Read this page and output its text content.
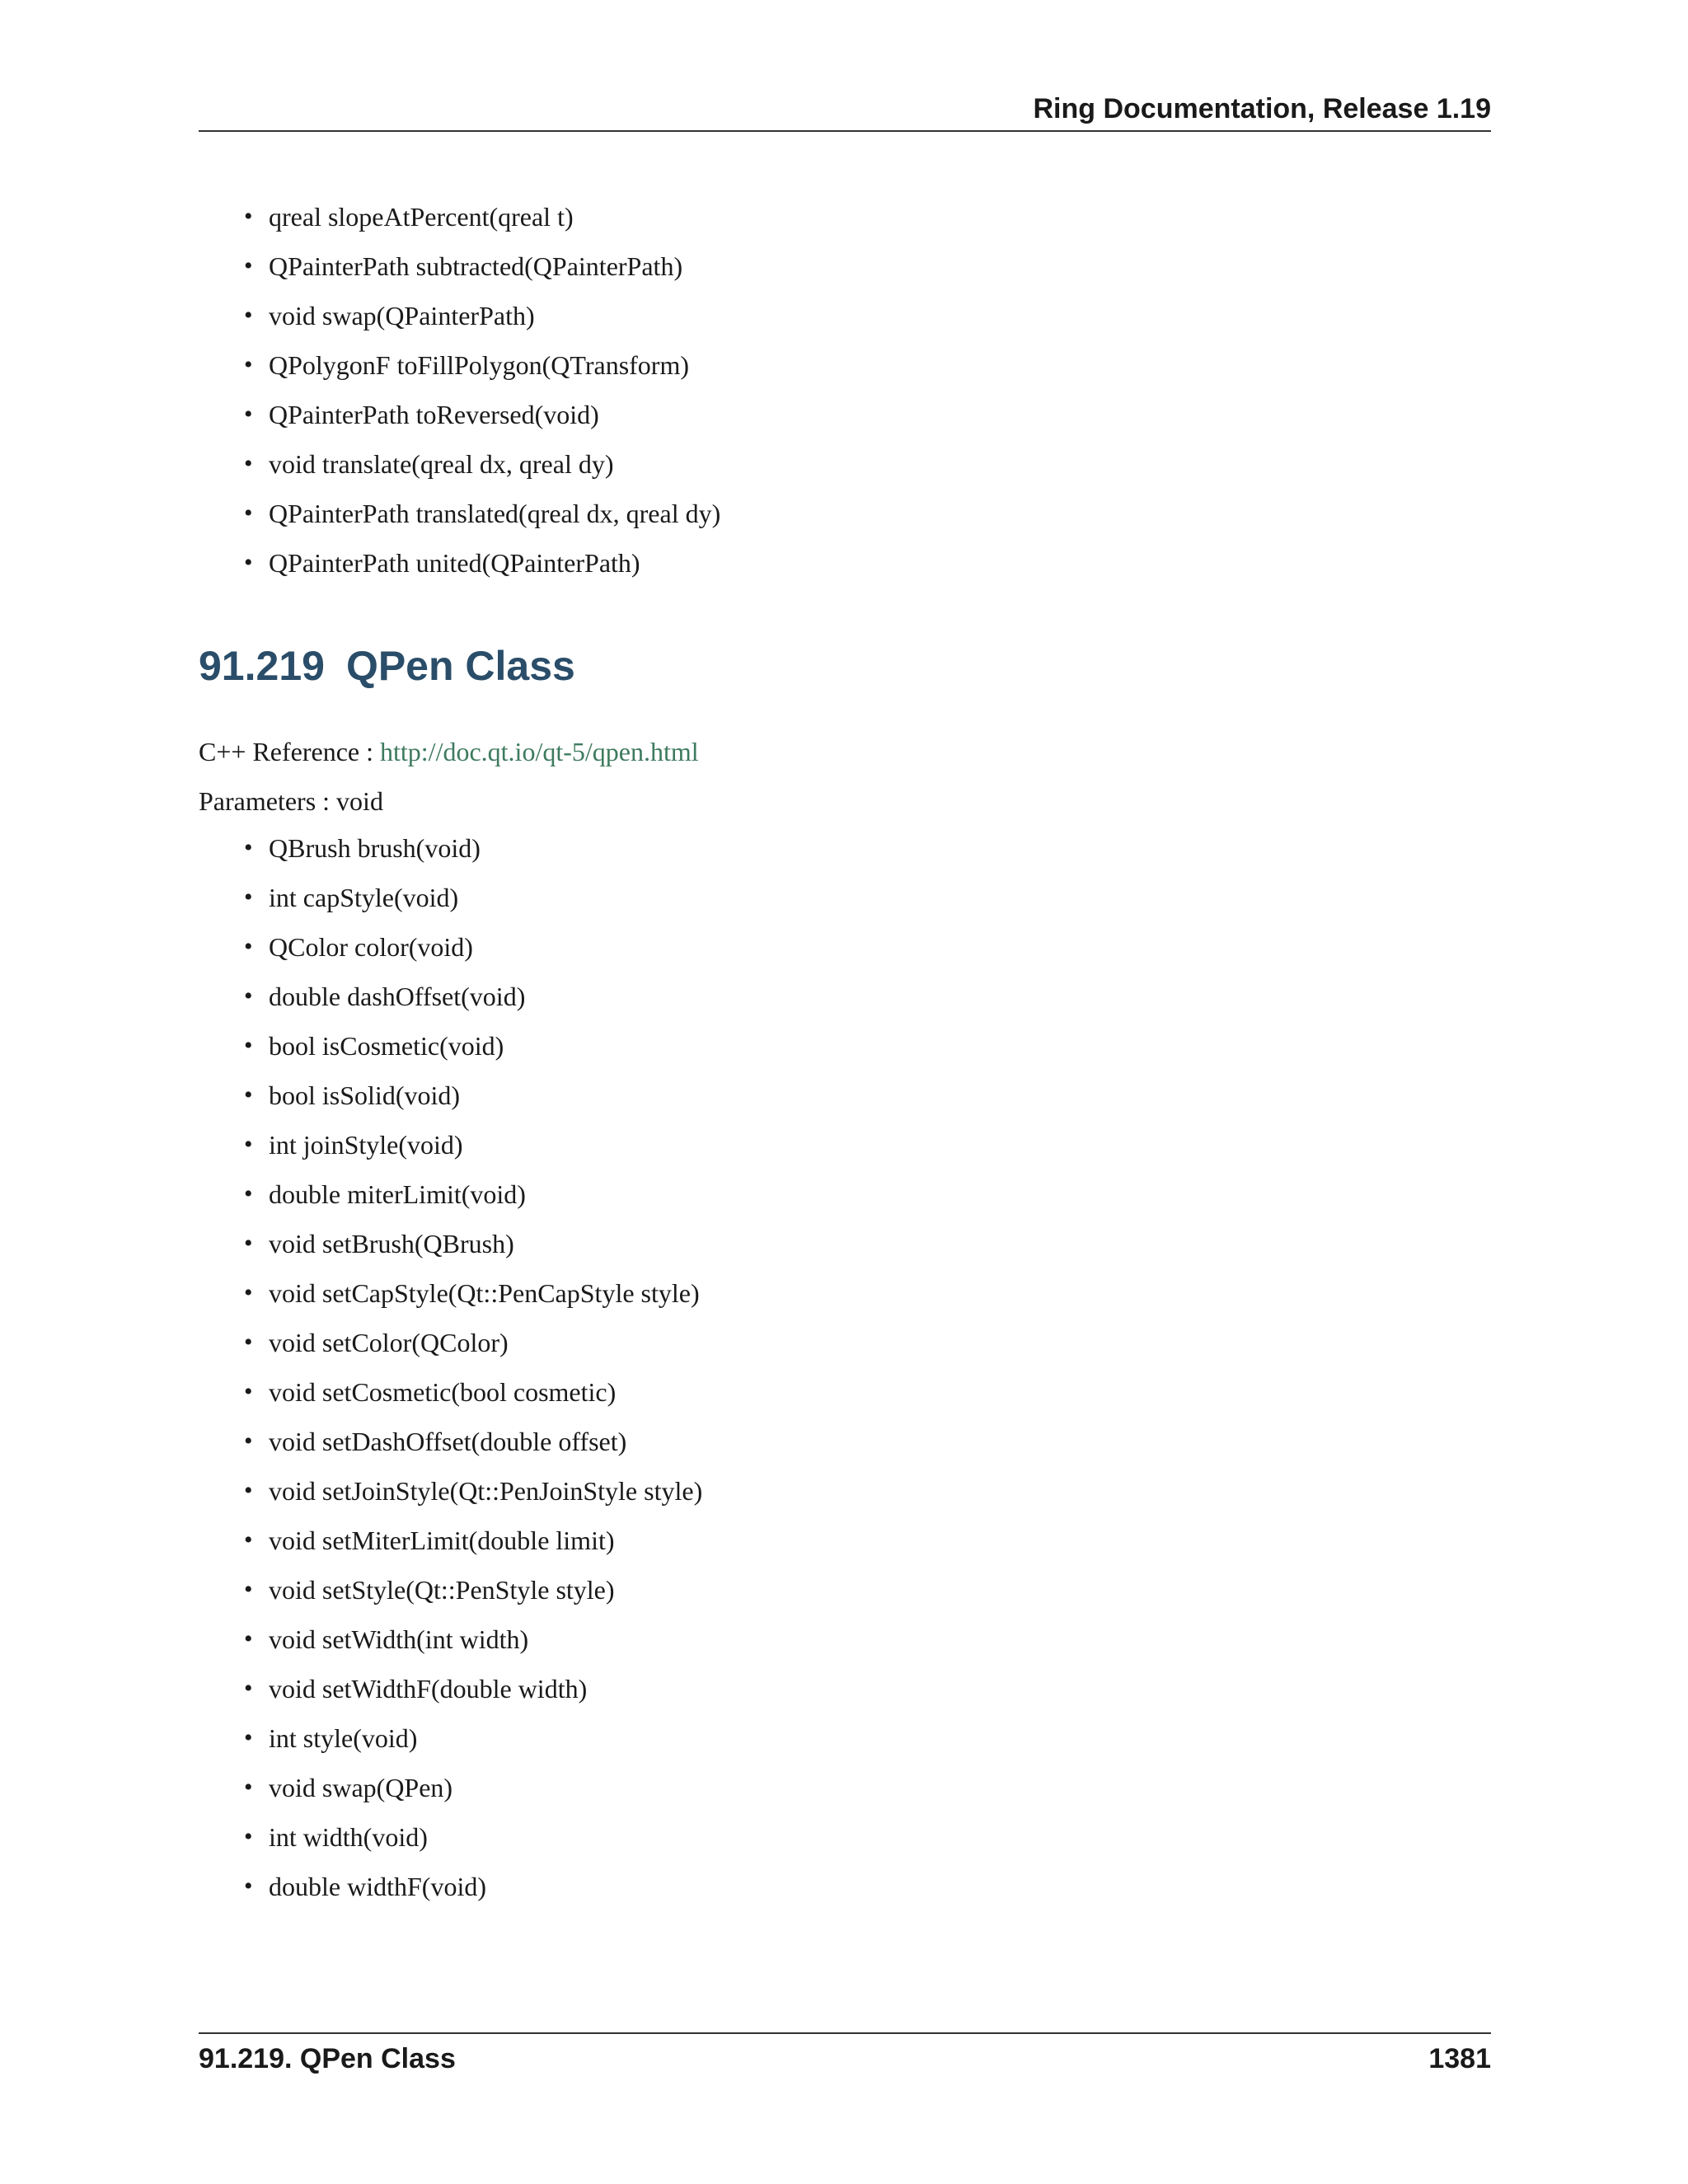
Ring Documentation, Release 1.19
• qreal slopeAtPercent(qreal t)
• QPainterPath subtracted(QPainterPath)
• void swap(QPainterPath)
• QPolygonF toFillPolygon(QTransform)
• QPainterPath toReversed(void)
• void translate(qreal dx, qreal dy)
• QPainterPath translated(qreal dx, qreal dy)
• QPainterPath united(QPainterPath)
91.219 QPen Class
C++ Reference : http://doc.qt.io/qt-5/qpen.html
Parameters : void
• QBrush brush(void)
• int capStyle(void)
• QColor color(void)
• double dashOffset(void)
• bool isCosmetic(void)
• bool isSolid(void)
• int joinStyle(void)
• double miterLimit(void)
• void setBrush(QBrush)
• void setCapStyle(Qt::PenCapStyle style)
• void setColor(QColor)
• void setCosmetic(bool cosmetic)
• void setDashOffset(double offset)
• void setJoinStyle(Qt::PenJoinStyle style)
• void setMiterLimit(double limit)
• void setStyle(Qt::PenStyle style)
• void setWidth(int width)
• void setWidthF(double width)
• int style(void)
• void swap(QPen)
• int width(void)
• double widthF(void)
91.219. QPen Class	1381
